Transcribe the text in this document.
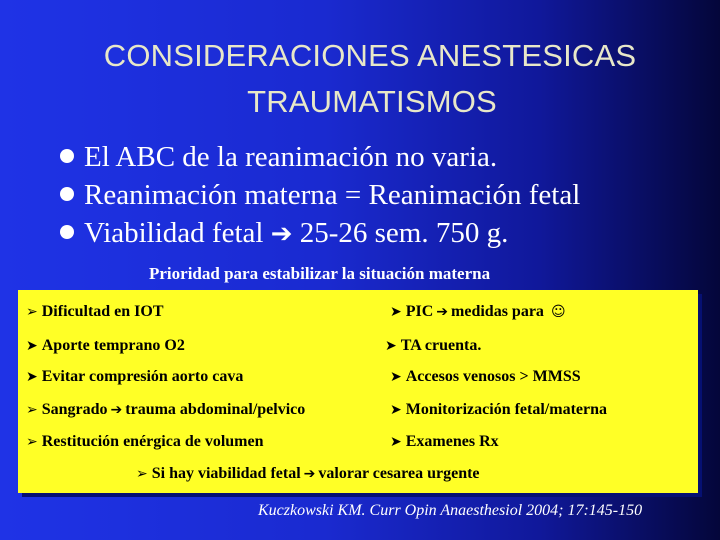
CONSIDERACIONES ANESTESICAS
TRAUMATISMOS
El ABC de la reanimación no varia.
Reanimación materna = Reanimación fetal
Viabilidad fetal ➔ 25-26 sem. 750 g.
Prioridad para estabilizar la situación materna
➢ Dificultad en IOT
➤ Aporte temprano O2
➤ Evitar compresión aorto cava
➢ Sangrado ➔ trauma abdominal/pelvico
➢ Restitución enérgica de volumen
➤ PIC ➔ medidas para ☺
➤ TA cruenta.
➤ Accesos venosos > MMSS
➤ Monitorización fetal/materna
➤ Examenes Rx
➢ Si hay viabilidad fetal ➔ valorar cesarea urgente
Kuczkowski KM. Curr Opin Anaesthesiol 2004; 17:145-150
